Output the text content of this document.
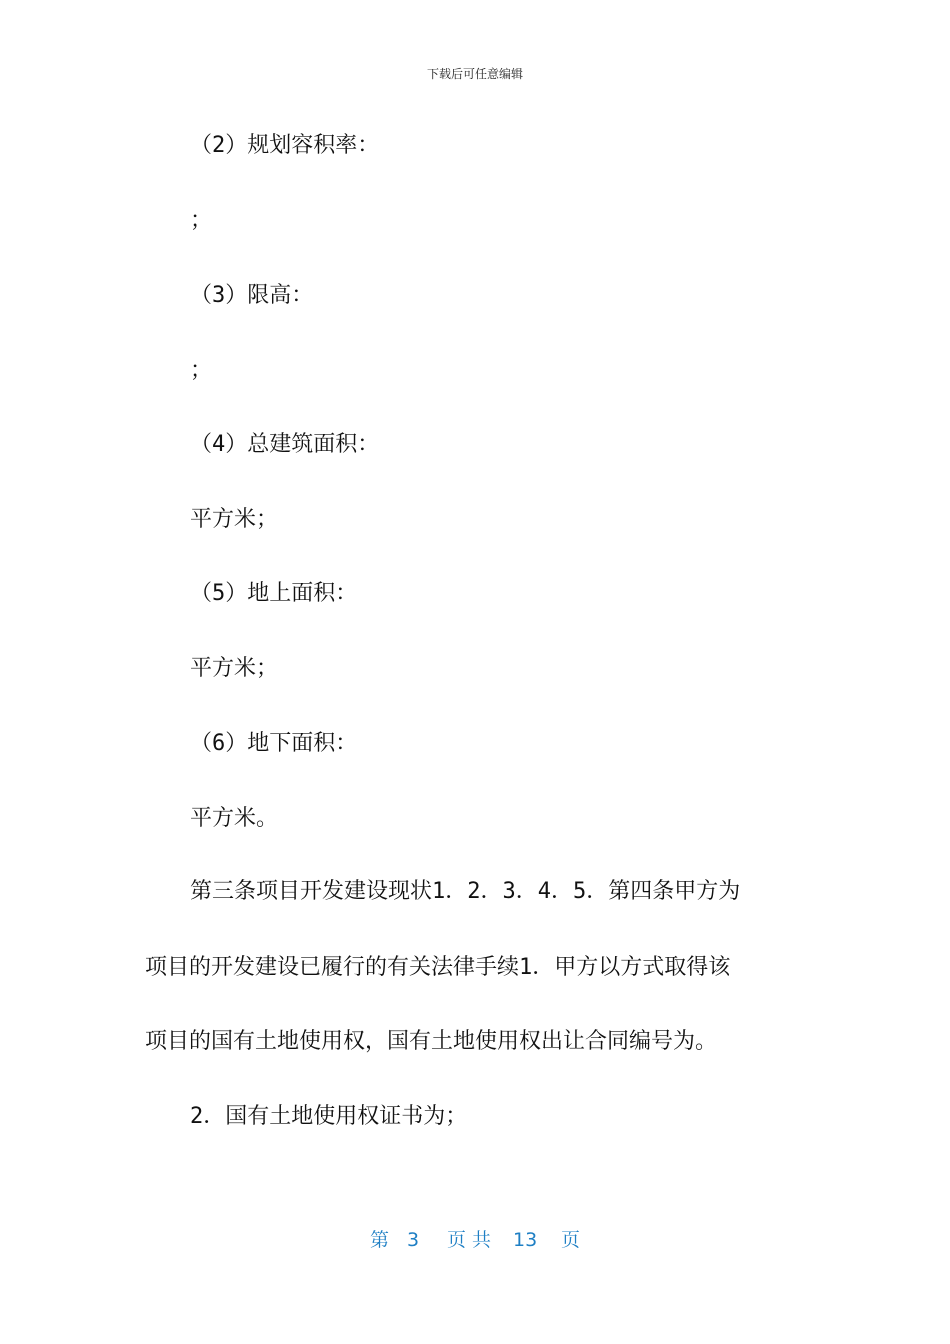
下载后可任意编辑
（2）规划容积率：
；
（3）限高：
；
（4）总建筑面积：
平方米；
（5）地上面积：
平方米；
（6）地下面积：
平方米。
第三条项目开发建设现状1．2．3．4．5．第四条甲方为
项目的开发建设已履行的有关法律手续1．甲方以方式取得该
项目的国有土地使用权，国有土地使用权出让合同编号为。
2．国有土地使用权证书为；
第 3 页 共 13 页
